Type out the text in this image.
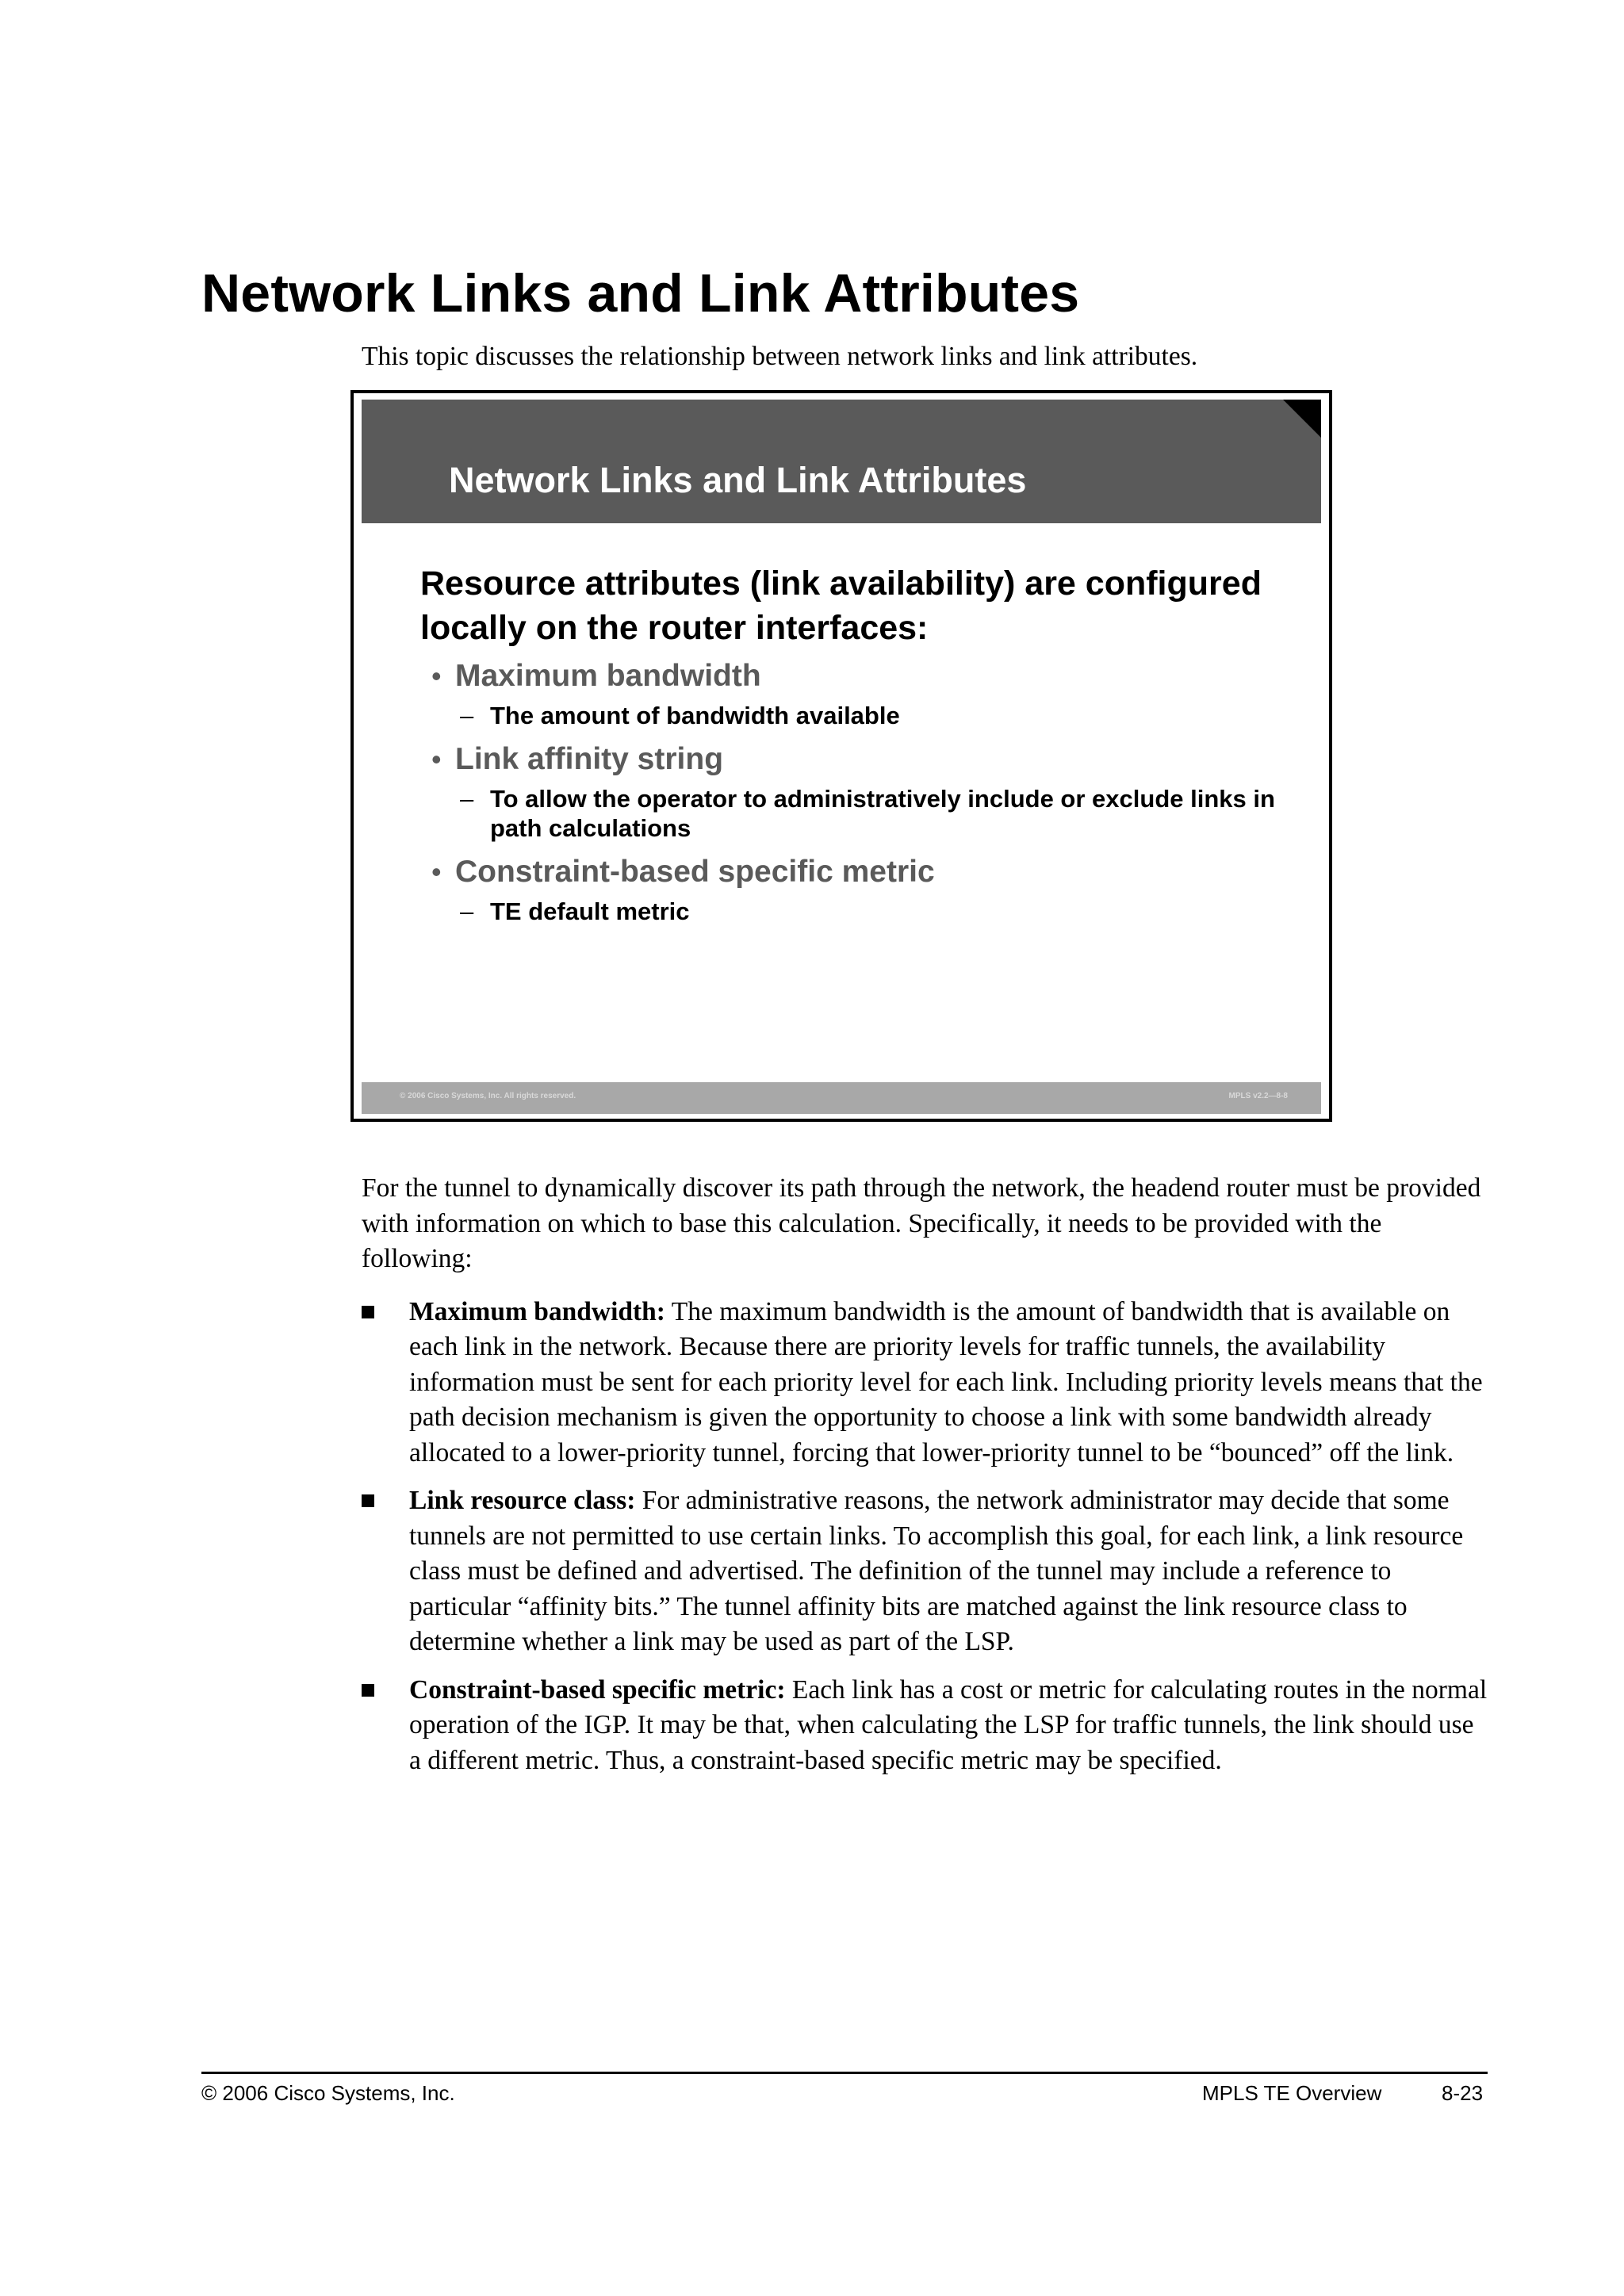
Network Links and Link Attributes

This topic discusses the relationship between network links and link attributes.

Network Links and Link Attributes

Resource attributes (link availability) are configured locally on the router interfaces:

• Maximum bandwidth
– The amount of bandwidth available
• Link affinity string
– To allow the operator to administratively include or exclude links in path calculations
• Constraint-based specific metric
– TE default metric
© 2006 Cisco Systems, Inc. All rights reserved.	MPLS v2.2—8-8

For the tunnel to dynamically discover its path through the network, the headend router must be provided with information on which to base this calculation. Specifically, it needs to be provided with the following:

Maximum bandwidth: The maximum bandwidth is the amount of bandwidth that is available on each link in the network. Because there are priority levels for traffic tunnels, the availability information must be sent for each priority level for each link. Including priority levels means that the path decision mechanism is given the opportunity to choose a link with some bandwidth already allocated to a lower-priority tunnel, forcing that lower-priority tunnel to be “bounced” off the link.
Link resource class: For administrative reasons, the network administrator may decide that some tunnels are not permitted to use certain links. To accomplish this goal, for each link, a link resource class must be defined and advertised. The definition of the tunnel may include a reference to particular “affinity bits.” The tunnel affinity bits are matched against the link resource class to determine whether a link may be used as part of the LSP.
Constraint-based specific metric: Each link has a cost or metric for calculating routes in the normal operation of the IGP. It may be that, when calculating the LSP for traffic tunnels, the link should use a different metric. Thus, a constraint-based specific metric may be specified.
© 2006 Cisco Systems, Inc.	MPLS TE Overview	8-23
